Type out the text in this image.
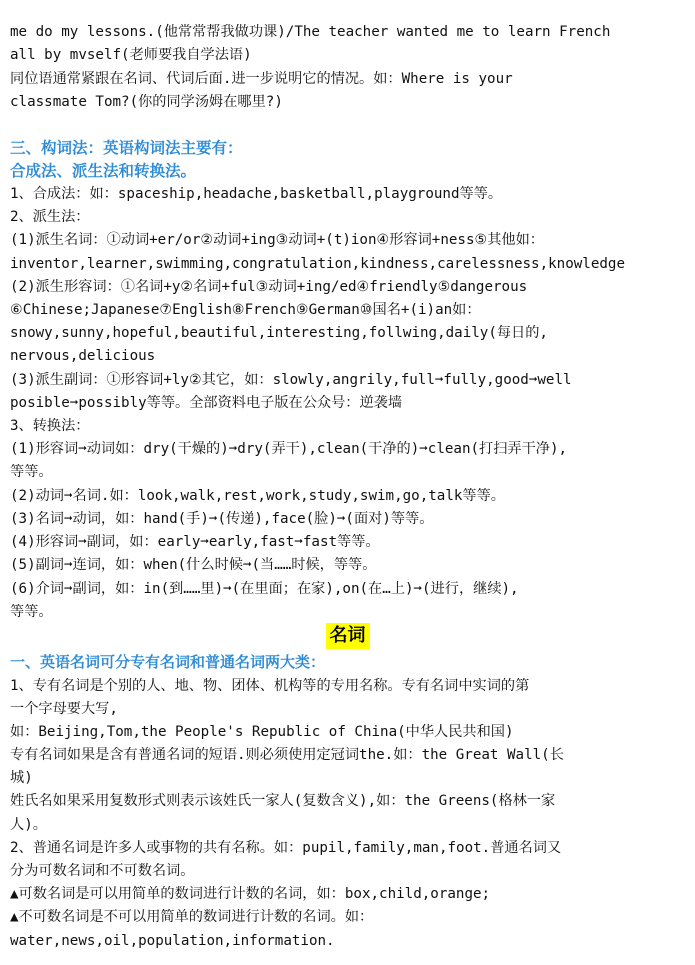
me do my lessons.(他常常帮我做功课)/The teacher wanted me to learn French
all by mvself(老师要我自学法语)
同位语通常紧跟在名词、代词后面.进一步说明它的情况。如：Where is your
classmate Tom?(你的同学汤姆在哪里?)
三、构词法：英语构词法主要有：
合成法、派生法和转换法。
1、合成法：如：spaceship,headache,basketball,playground等等。
2、派生法：
(1)派生名词：①动词+er/or②动词+ing③动词+(t)ion④形容词+ness⑤其他如：
inventor,learner,swimming,congratulation,kindness,carelessness,knowledge
(2)派生形容词：①名词+y②名词+ful③动词+ing/ed④friendly⑤dangerous
⑥Chinese;Japanese⑦English⑧French⑨German⑩国名+(i)an如：
snowy,sunny,hopeful,beautiful,interesting,follwing,daily(每日的,
nervous,delicious
(3)派生副词：①形容词+ly②其它，如：slowly,angrily,full➞fully,good➞well
posible➞possibly等等。全部资料电子版在公众号：逆袭墙
3、转换法：
(1)形容词➞动词如：dry(干燥的)➞dry(弄干),clean(干净的)➞clean(打扫弄干净),
等等。
(2)动词➞名词.如：look,walk,rest,work,study,swim,go,talk等等。
(3)名词➞动词，如：hand(手)➞(传递),face(脸)➞(面对)等等。
(4)形容词➞副词，如：early➞early,fast➞fast等等。
(5)副词➞连词，如：when(什么时候➞(当……时候，等等。
(6)介词➞副词，如：in(到……里)➞(在里面；在家),on(在…上)➞(进行，继续),
等等。
名词
一、英语名词可分专有名词和普通名词两大类：
1、专有名词是个别的人、地、物、团体、机构等的专用名称。专有名词中实词的第
一个字母要大写,
如：Beijing,Tom,the People's Republic of China(中华人民共和国)
专有名词如果是含有普通名词的短语.则必须使用定冠词the.如：the Great Wall(长
城)
姓氏名如果采用复数形式则表示该姓氏一家人(复数含义),如：the Greens(格林一家
人)。
2、普通名词是许多人或事物的共有名称。如：pupil,family,man,foot.普通名词又
分为可数名词和不可数名词。
▲可数名词是可以用简单的数词进行计数的名词，如：box,child,orange;
▲不可数名词是不可以用简单的数词进行计数的名词。如：
water,news,oil,population,information.
